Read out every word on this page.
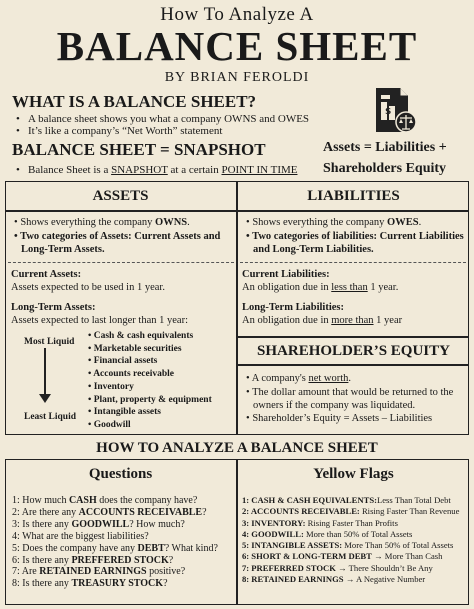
How To Analyze A
BALANCE SHEET
BY BRIAN FEROLDI
WHAT IS A BALANCE SHEET?
• A balance sheet shows you what a company OWNS and OWES
• It’s like a company’s “Net Worth” statement
BALANCE SHEET = SNAPSHOT
• Balance Sheet is a SNAPSHOT at a certain POINT IN TIME
$
Assets = Liabilities +
Shareholders Equity
ASSETS	LIABILITIES
• Shows everything the company OWNS.
• Two categories of Assets: Current Assets and
Long-Term Assets.
Current Assets:
Assets expected to be used in 1 year.
Long-Term Assets:
Assets expected to last longer than 1 year:
Most Liquid
Least Liquid
• Cash & cash equivalents
• Marketable securities
• Financial assets
• Accounts receivable
• Inventory
• Plant, property & equipment
• Intangible assets
• Goodwill
• Shows everything the company OWES.
• Two categories of liabilities: Current Liabilities
and Long-Term Liabilities.
Current Liabilities:
An obligation due in less than 1 year.
Long-Term Liabilities:
An obligation due in more than 1 year
SHAREHOLDER’S EQUITY
• A company's net worth.
• The dollar amount that would be returned to the
owners if the company was liquidated.
• Shareholder’s Equity = Assets – Liabilities
HOW TO ANALYZE A BALANCE SHEET
Questions	Yellow Flags
1: How much CASH does the company have?
2: Are there any ACCOUNTS RECEIVABLE?
3: Is there any GOODWILL? How much?
4: What are the biggest liabilities?
5: Does the company have any DEBT? What kind?
6: Is there any PREFFERED STOCK?
7: Are RETAINED EARNINGS positive?
8: Is there any TREASURY STOCK?
1: CASH & CASH EQUIVALENTS:Less Than Total Debt
2: ACCOUNTS RECEIVABLE: Rising Faster Than Revenue
3: INVENTORY: Rising Faster Than Profits
4: GOODWILL: More than 50% of Total Assets
5: INTANGIBLE ASSETS: More Than 50% of Total Assets
6: SHORT & LONG-TERM DEBT → More Than Cash
7: PREFERRED STOCK → There Shouldn’t Be Any
8: RETAINED EARNINGS → A Negative Number
